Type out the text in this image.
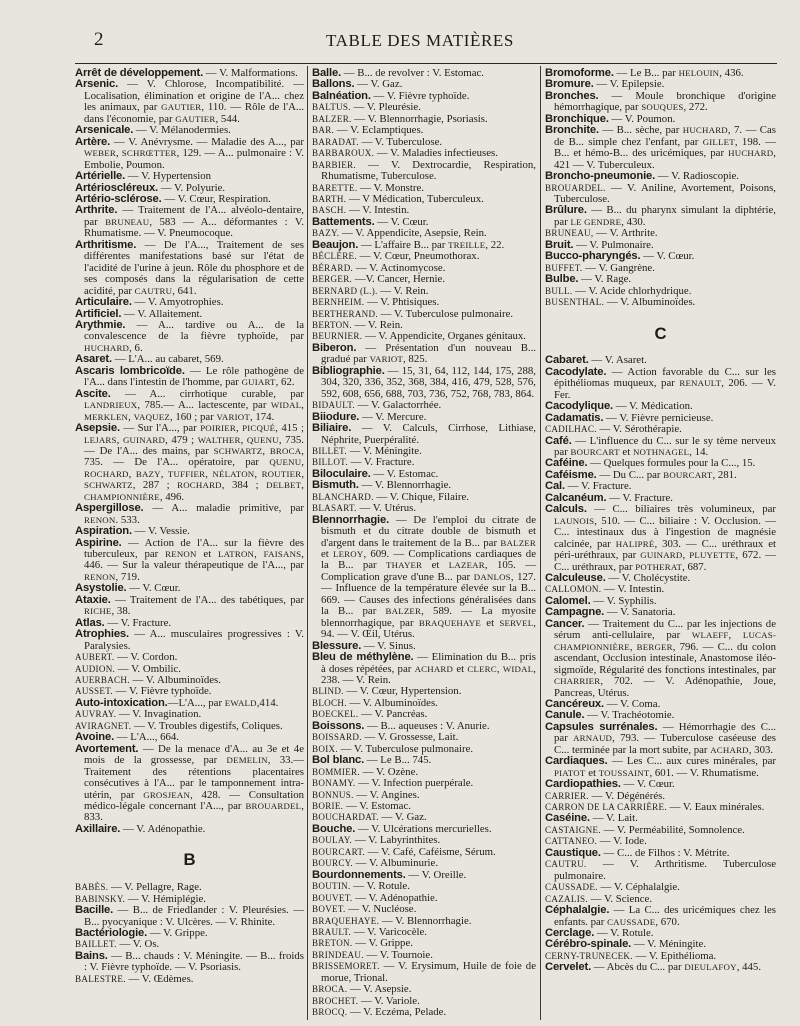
2	TABLE DES MATIÈRES

Arrêt de développement. — V. Malformations.

Arsenic. — V. Chlorose, Incompatibilité. — Localisation, élimination et origine de l'A... chez les animaux, par GAUTIER, 110. — Rôle de l'A... dans l'économie, par GAUTIER, 544.

Arsenicale. — V. Mélanodermies.

Artère. — V. Anévrysme. — Maladie des A..., par WEBER, SCHRŒTTER, 129. — A... pulmonaire : V. Embolie, Poumon.

Artérielle. — V. Hypertension

Artérioscléreux. — V. Polyurie.

Artério-sclérose. — V. Cœur, Respiration.

Arthrite. — Traitement de l'A... alvéolo-dentaire, par BRUNEAU, 583 — A... déformantes : V. Rhumatisme. — V. Pneumocoque.

Arthritisme. — De l'A..., Traitement de ses différentes manifestations basé sur l'état de l'acidité de l'urine à jeun. Rôle du phosphore et de ses composés dans la régularisation de cette acidité, par CAUTRU, 641.

Articulaire. — V. Amyotrophies.

Artificiel. — V. Allaitement.

Arythmie. — A... tardive ou A... de la convalescence de la fièvre typhoïde, par HUCHARD, 6.

Asaret. — L'A... au cabaret, 569.

Ascaris lombricoïde. — Le rôle pathogène de l'A... dans l'intestin de l'homme, par GUIART, 62.

Ascite. — A... cirrhotique curable, par LANDRIEUX, 785.— A... lactescente, par WIDAL, MERKLEN, VAQUEZ, 160 ; par VARIOT, 174.

Asepsie. — Sur l'A..., par POIRIER, PICQUÉ, 415 ; LEJARS, GUINARD, 479 ; WALTHER, QUENU, 735. — De l'A... des mains, par SCHWARTZ, BROCA, 735. — De l'A... opératoire, par QUENU, ROCHARD, BAZY, TUFFIER, NÉLATON, ROUTIER, SCHWARTZ, 287 ; ROCHARD, 384 ; DELBET, CHAMPIONNIÈRE, 496.

Aspergillose. — A... maladie primitive, par RENON. 533.

Aspiration. — V. Vessie.

Aspirine. — Action de l'A... sur la fièvre des tuberculeux, par RENON et LATRON, FAISANS, 446. — Sur la valeur thérapeutique de l'A..., par RENON, 719.

Asystolie. — V. Cœur.

Ataxie. — Traitement de l'A... des tabétiques, par RICHE, 38.

Atlas. — V. Fracture.

Atrophies. — A... musculaires progressives : V. Paralysies.

AUBERT. — V. Cordon.

AUDION. — V. Ombilic.

AUERBACH. — V. Albuminoïdes.

AUSSET. — V. Fièvre typhoïde.

Auto-intoxication.—L'A..., par EWALD,414.

AUVRAY. — V. Invagination.

AVIRAGNET. — V. Troubles digestifs, Coliques.

Avoine. — L'A..., 664.

Avortement. — De la menace d'A... au 3e et 4e mois de la grossesse, par DEMELIN, 33.— Traitement des rétentions placentaires consécutives à l'A... par le tamponnement intra-utérin, par GROSJEAN, 428. — Consultation médico-légale concernant l'A..., par BROUARDEL, 833.

Axillaire. — V. Adénopathie.

B

BABÈS. — V. Pellagre, Rage.

BABINSKY. — V. Hémiplégie.

Bacille. — B... de Friedlander : V. Pleurésies. — B... pyocyanique : V. Ulcères. — V. Rhinite.

Bactériologie. — V. Grippe.

BAILLET. — V. Os.

Bains. — B... chauds : V. Méningite. — B... froids : V. Fièvre typhoïde. — V. Psoriasis.

BALESTRE. — V. Œdèmes.

Balle. — B... de revolver : V. Estomac.

Ballons. — V. Gaz.

Balnéation. — V. Fièvre typhoïde.

BALTUS. — V. Pleurésie.

BALZER. — V. Blennorrhagie, Psoriasis.

BAR. — V. Eclamptiques.

BARADAT. — V. Tuberculose.

BARBAROUX. — V. Maladies infectieuses.

BARBIER. — V. Dextrocardie, Respiration, Rhumatisme, Tuberculose.

BARETTE. — V. Monstre.

BARTH. — V Médication, Tuberculeux.

BASCH. — V. Intestin.

Battements. — V. Cœur.

BAZY. — V. Appendicite, Asepsie, Rein.

Beaujon. — L'affaire B... par TREILLE, 22.

BÉCLÈRE. — V. Cœur, Pneumothorax.

BÉRARD. — V. Actinomycose.

BERGER. —V. Cancer, Hernie.

BERNARD (L.). — V. Rein.

BERNHEIM. — V. Phtisiques.

BERTHERAND. — V. Tuberculose pulmonaire.

BERTON. — V. Rein.

BEURNIER. — V. Appendicite, Organes génitaux.

Biberon. — Présentation d'un nouveau B... gradué par VARIOT, 825.

Bibliographie. — 15, 31, 64, 112, 144, 175, 288, 304, 320, 336, 352, 368, 384, 416, 479, 528, 576, 592, 608, 656, 688, 703, 736, 752, 768, 783, 864.

BIDAULT. — V. Galactorrhée.

Biiodure. — V. Mercure.

Biliaire. — V. Calculs, Cirrhose, Lithiase, Néphrite, Puerpéralité.

BILLET. — V. Méningite.

BILLOT. — V. Fracture.

Biloculaire. — V. Estomac.

Bismuth. — V. Blennorrhagie.

BLANCHARD. — V. Chique, Filaire.

BLASART. — V. Utérus.

Blennorrhagie. — De l'emploi du citrate de bismuth et du citrate double de bismuth et d'argent dans le traitement de la B... par BALZER et LEROY, 609. — Complications cardiaques de la B... par THAYER et LAZEAR, 105. — Complication grave d'une B... par DANLOS, 127. — Influence de la température élevée sur la B... 669. — Causes des infections généralisées dans la B... par BALZER, 589. — La myosite blennorrhagique, par BRAQUEHAYE et SERVEL, 94. — V. Œil, Utérus.

Blessure. — V. Sinus.

Bleu de méthylène. — Elimination du B... pris à doses répétées, par ACHARD et CLERC, WIDAL, 238. — V. Rein.

BLIND. — V. Cœur, Hypertension.

BLOCH. — V. Albuminoïdes.

BOECKEL. — V. Pancréas.

Boissons. — B... aqueuses : V. Anurie.

BOISSARD. — V. Grossesse, Lait.

BOIX. — V. Tuberculose pulmonaire.

Bol blanc. — Le B... 745.

BOMMIER. — V. Ozène.

BONAMY. — V. Infection puerpérale.

BONNUS. — V. Angines.

BORIE. — V. Estomac.

BOUCHARDAT. — V. Gaz.

Bouche. — V. Ulcérations mercurielles.

BOULAY. — V. Labyrinthites.

BOURCART. — V. Café, Caféisme, Sérum.

BOURCY. — V. Albuminurie.

Bourdonnements. — V. Oreille.

BOUTIN. — V. Rotule.

BOUVET. — V. Adénopathie.

BOVET. — V. Nucléose.

BRAQUEHAYE. — V. Blennorrhagie.

BRAULT. — V. Varicocèle.

BRETON. — V. Grippe.

BRINDEAU. — V. Tournoie.

BRISSEMORET. — V. Erysimum, Huile de foie de morue, Trional.

BROCA. — V. Asepsie.

BROCHET. — V. Variole.

BROCQ. — V. Eczéma, Pelade.

Bromoforme. — Le B... par HELOUIN, 436.

Bromure. — V. Epilepsie.

Bronches. — Moule bronchique d'origine hémorrhagique, par SOUQUES, 272.

Bronchique. — V. Poumon.

Bronchite. — B... sèche, par HUCHARD, 7. — Cas de B... simple chez l'enfant, par GILLET, 198. — B... et hémo-B... des uricémiques, par HUCHARD, 421 — V. Tuberculeux.

Broncho-pneumonie. — V. Radioscopie.

BROUARDEL. — V. Aniline, Avortement, Poisons, Tuberculose.

Brûlure. — B... du pharynx simulant la diphtérie, par LE GENDRE, 430.

BRUNEAU, — V. Arthrite.

Bruit. — V. Pulmonaire.

Bucco-pharyngés. — V. Cœur.

BUFFET. — V. Gangrène.

Bulbe. — V. Rage.

BULL. — V. Acide chlorhydrique.

BUSENTHAL. — V. Albuminoïdes.

C

Cabaret. — V. Asaret.

Cacodylate. — Action favorable du C... sur les épithéliomas muqueux, par RENAULT, 206. — V. Fer.

Cacodylique. — V. Médication.

Cadamatis. — V. Fièvre pernicieuse.

CADILHAC. — V. Sérothérapie.

Café. — L'influence du C... sur le sy tème nerveux par BOURCART et NOTHNAGEL, 14.

Caféine. — Quelques formules pour la C..., 15.

Caféisme. — Du C... par BOURCART, 281.

Cal. — V. Fracture.

Calcanéum. — V. Fracture.

Calculs. — C... biliaires très volumineux, par LAUNOIS, 510. — C... biliaire : V. Occlusion. — C... intestinaux dus à l'ingestion de magnésie calcinée, par HALIPRÉ, 303. — C... uréthraux et péri-uréthraux, par GUINARD, PLUYETTE, 672. — C... uréthraux, par POTHERAT, 687.

Calculeuse. — V. Cholécystite.

CALLOMON. — V. Intestin.

Calomel. — V. Syphilis.

Campagne. — V. Sanatoria.

Cancer. — Traitement du C... par les injections de sérum anti-cellulaire, par WLAEFF, LUCAS-CHAMPIONNIÈRE, BERGER, 796. — C... du colon ascendant, Occlusion intestinale, Anastomose iléo-sigmoïde, Régularité des fonctions intestinales, par CHARRIER, 702. — V. Adénopathie, Joue, Pancreas, Utérus.

Cancéreux. — V. Coma.

Canule. — V. Trachéotomie.

Capsules surrénales. — Hémorrhagie des C... par ARNAUD, 793. — Tuberculose caséeuse des C... terminée par la mort subite, par ACHARD, 303.

Cardiaques. — Les C... aux cures minérales, par PIATOT et TOUSSAINT, 601. — V. Rhumatisme.

Cardiopathies. — V. Cœur.

CARRIER. — V. Dégénérés.

CARRON DE LA CARRIÈRE. — V. Eaux minérales.

Caséine. — V. Lait.

CASTAIGNE. — V. Perméabilité, Somnolence.

CATTANEO. — V. Iode.

Caustique. — C... de Filhos : V. Métrite.

CAUTRU. — V. Arthritisme. Tuberculose pulmonaire.

CAUSSADE. — V. Céphalalgie.

CAZALIS. — V. Science.

Céphalalgie. — La C... des uricémiques chez les enfants. par CAUSSADE, 670.

Cerclage. — V. Rotule.

Cérébro-spinale. — V. Méningite.

CERNY-TRUNECEK. — V. Epithélioma.

Cervelet. — Abcès du C... par DIEULAFOY, 445.
